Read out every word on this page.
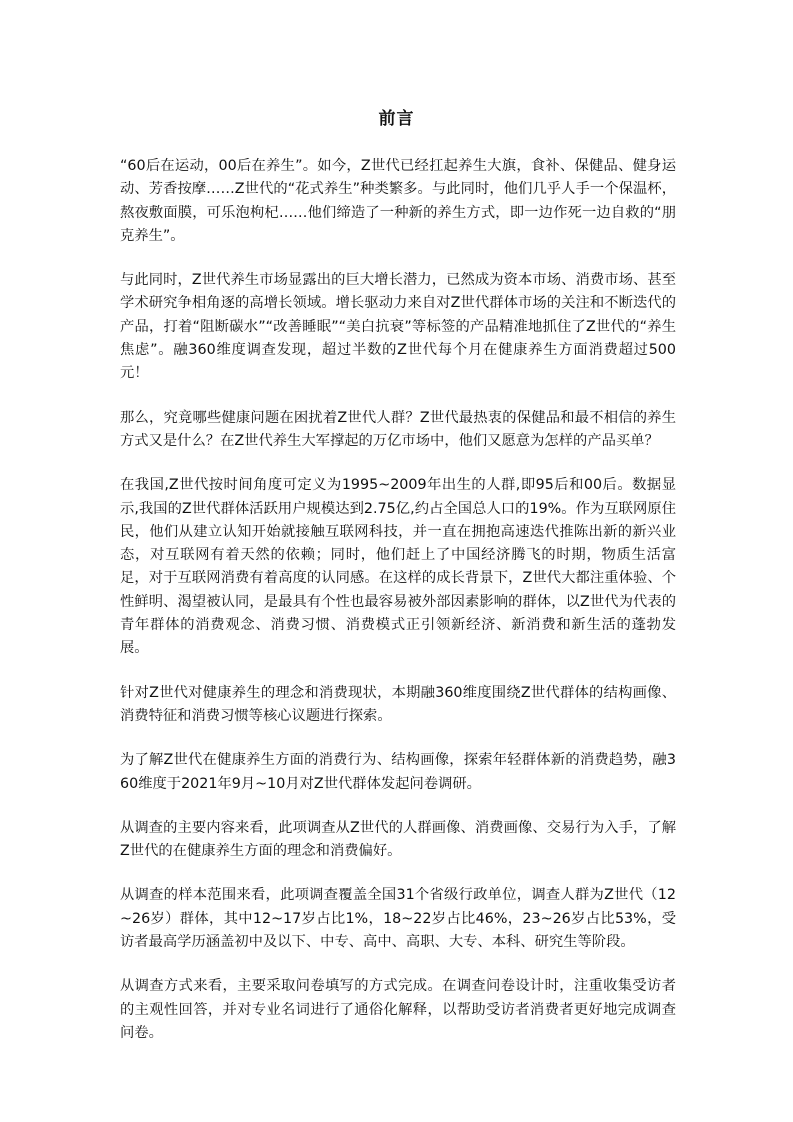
前言

“60后在运动，00后在养生”。如今，Z世代已经扛起养生大旗，食补、保健品、健身运动、芳香按摩……Z世代的“花式养生”种类繁多。与此同时，他们几乎人手一个保温杯，熬夜敷面膜，可乐泡枸杞……他们缔造了一种新的养生方式，即一边作死一边自救的“朋克养生”。

与此同时，Z世代养生市场显露出的巨大增长潜力，已然成为资本市场、消费市场、甚至学术研究争相角逐的高增长领域。增长驱动力来自对Z世代群体市场的关注和不断迭代的产品，打着“阻断碳水”“改善睡眠”“美白抗衰”等标签的产品精准地抓住了Z世代的“养生焦虑”。融360维度调查发现，超过半数的Z世代每个月在健康养生方面消费超过500元！

那么，究竟哪些健康问题在困扰着Z世代人群？Z世代最热衷的保健品和最不相信的养生方式又是什么？在Z世代养生大军撑起的万亿市场中，他们又愿意为怎样的产品买单？

在我国,Z世代按时间角度可定义为1995~2009年出生的人群,即95后和00后。数据显示,我国的Z世代群体活跃用户规模达到2.75亿,约占全国总人口的19%。作为互联网原住民，他们从建立认知开始就接触互联网科技，并一直在拥抱高速迭代推陈出新的新兴业态，对互联网有着天然的依赖；同时，他们赶上了中国经济腾飞的时期，物质生活富足，对于互联网消费有着高度的认同感。在这样的成长背景下，Z世代大都注重体验、个性鲜明、渴望被认同，是最具有个性也最容易被外部因素影响的群体，以Z世代为代表的青年群体的消费观念、消费习惯、消费模式正引领新经济、新消费和新生活的蓬勃发展。

针对Z世代对健康养生的理念和消费现状，本期融360维度围绕Z世代群体的结构画像、消费特征和消费习惯等核心议题进行探索。

为了解Z世代在健康养生方面的消费行为、结构画像，探索年轻群体新的消费趋势，融360维度于2021年9月~10月对Z世代群体发起问卷调研。

从调查的主要内容来看，此项调查从Z世代的人群画像、消费画像、交易行为入手，了解Z世代的在健康养生方面的理念和消费偏好。

从调查的样本范围来看，此项调查覆盖全国31个省级行政单位，调查人群为Z世代（12~26岁）群体，其中12~17岁占比1%，18~22岁占比46%，23~26岁占比53%，受访者最高学历涵盖初中及以下、中专、高中、高职、大专、本科、研究生等阶段。

从调查方式来看，主要采取问卷填写的方式完成。在调查问卷设计时，注重收集受访者的主观性回答，并对专业名词进行了通俗化解释，以帮助受访者消费者更好地完成调查问卷。
